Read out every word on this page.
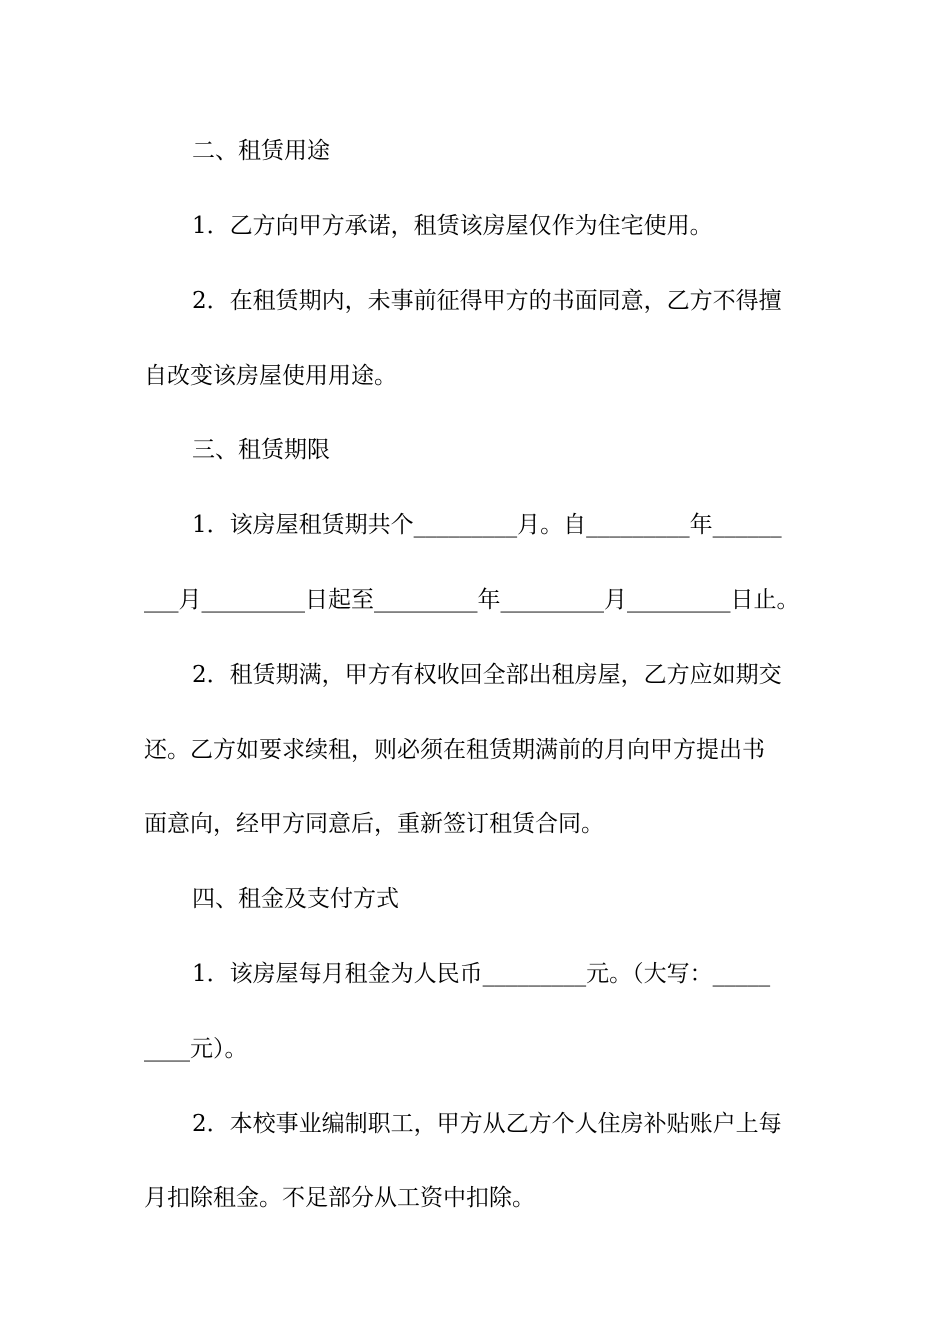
二、租赁用途
1．乙方向甲方承诺，租赁该房屋仅作为住宅使用。
2．在租赁期内，未事前征得甲方的书面同意，乙方不得擅
自改变该房屋使用用途。
三、租赁期限
1．该房屋租赁期共个_________月。自_________年______
___月_________日起至_________年_________月_________日止。
2．租赁期满，甲方有权收回全部出租房屋，乙方应如期交
还。乙方如要求续租，则必须在租赁期满前的月向甲方提出书
面意向，经甲方同意后，重新签订租赁合同。
四、租金及支付方式
1．该房屋每月租金为人民币_________元。（大写：_____
____元）。
2．本校事业编制职工，甲方从乙方个人住房补贴账户上每
月扣除租金。不足部分从工资中扣除。
